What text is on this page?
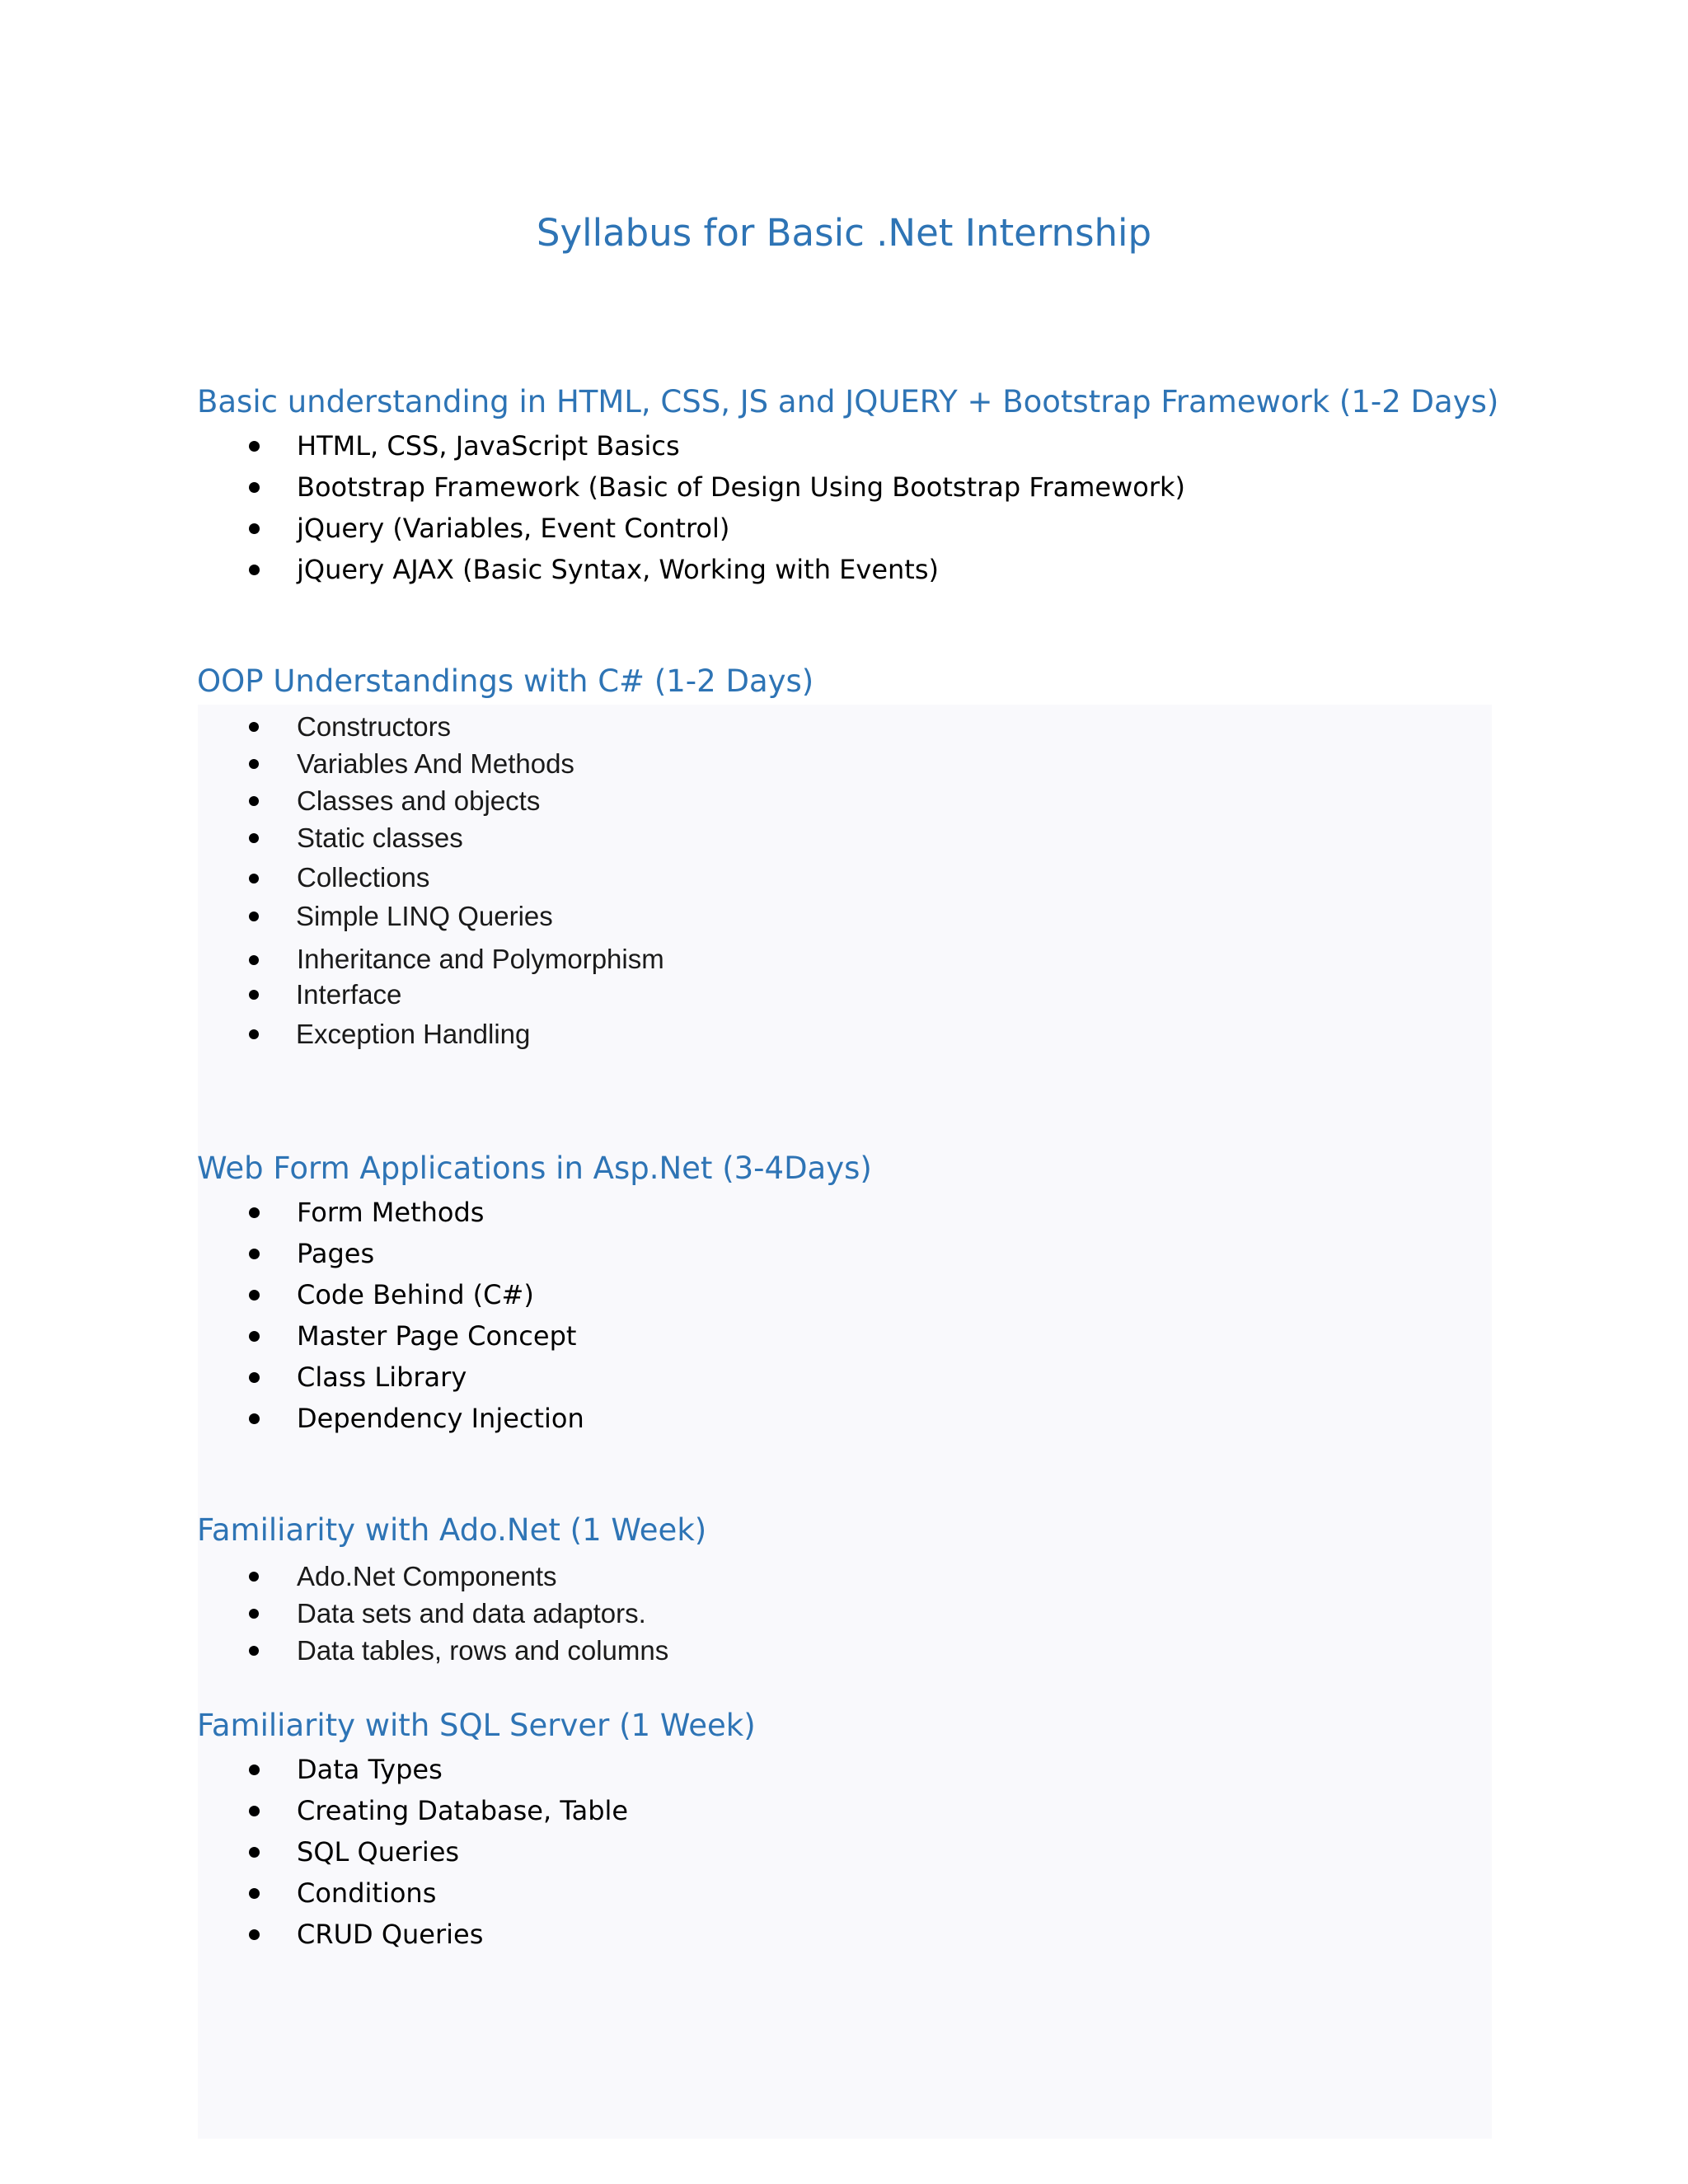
Syllabus for Basic .Net Internship
Basic understanding in HTML, CSS, JS and JQUERY + Bootstrap Framework (1-2 Days)
HTML, CSS, JavaScript Basics
Bootstrap Framework (Basic of Design Using Bootstrap Framework)
jQuery (Variables, Event Control)
jQuery AJAX (Basic Syntax, Working with Events)
OOP Understandings with C# (1-2 Days)
Constructors
Variables And Methods
Classes and objects
Static classes
Collections
Simple LINQ Queries
Inheritance and Polymorphism
Interface
Exception Handling
Web Form Applications in Asp.Net (3-4Days)
Form Methods
Pages
Code Behind (C#)
Master Page Concept
Class Library
Dependency Injection
Familiarity with Ado.Net (1 Week)
Ado.Net Components
Data sets and data adaptors.
Data tables, rows and columns
Familiarity with SQL Server (1 Week)
Data Types
Creating Database, Table
SQL Queries
Conditions
CRUD Queries
